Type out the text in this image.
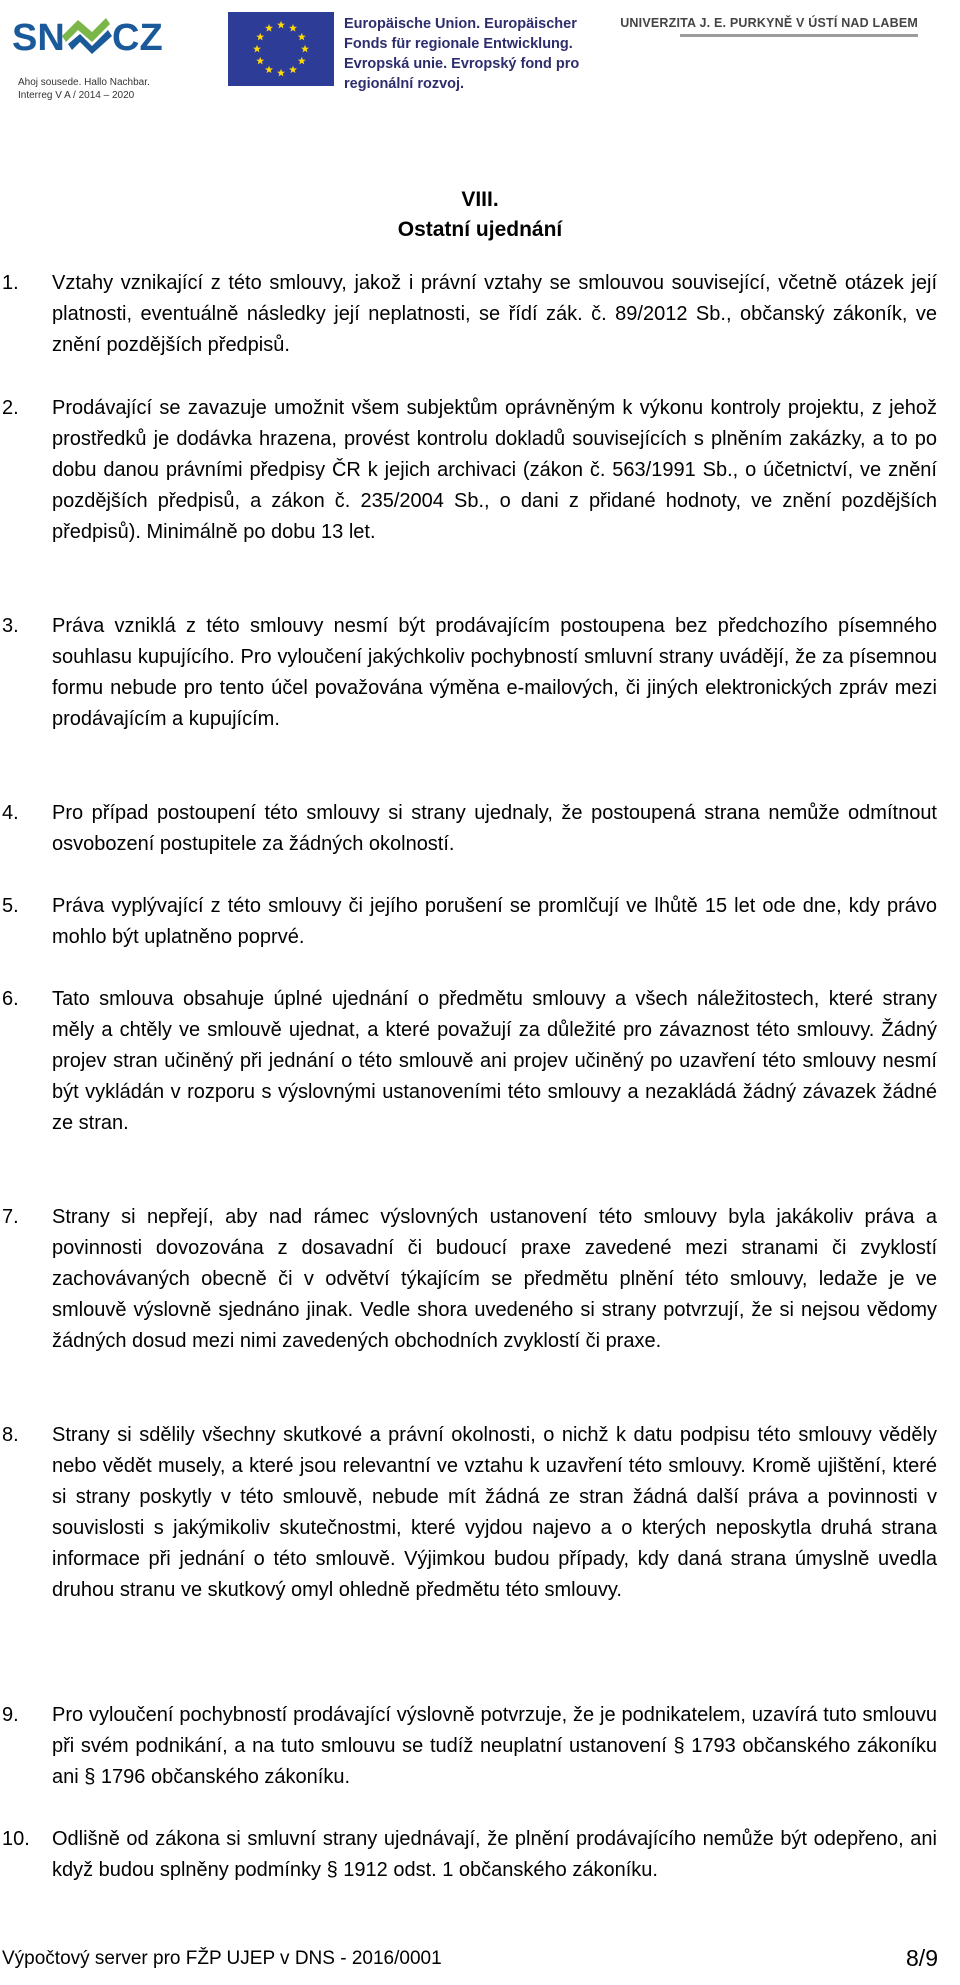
SN CZ
Ahoj sousede. Hallo Nachbar.
Interreg V A / 2014 – 2020
Europäische Union. Europäischer
Fonds für regionale Entwicklung.
Evropská unie. Evropský fond pro
regionální rozvoj.
UNIVERZITA J. E. PURKYNĚ V ÚSTÍ NAD LABEM
VIII.
Ostatní ujednání
1. Vztahy vznikající z této smlouvy, jakož i právní vztahy se smlouvou související, včetně otázek její platnosti, eventuálně následky její neplatnosti, se řídí zák. č. 89/2012 Sb., občanský zákoník, ve znění pozdějších předpisů.
2. Prodávající se zavazuje umožnit všem subjektům oprávněným k výkonu kontroly projektu, z jehož prostředků je dodávka hrazena, provést kontrolu dokladů souvisejících s plněním zakázky, a to po dobu danou právními předpisy ČR k jejich archivaci (zákon č. 563/1991 Sb., o účetnictví, ve znění pozdějších předpisů, a zákon č. 235/2004 Sb., o dani z přidané hodnoty, ve znění pozdějších předpisů). Minimálně po dobu 13 let.
3. Práva vzniklá z této smlouvy nesmí být prodávajícím postoupena bez předchozího písemného souhlasu kupujícího. Pro vyloučení jakýchkoliv pochybností smluvní strany uvádějí, že za písemnou formu nebude pro tento účel považována výměna e-mailových, či jiných elektronických zpráv mezi prodávajícím a kupujícím.
4. Pro případ postoupení této smlouvy si strany ujednaly, že postoupená strana nemůže odmítnout osvobození postupitele za žádných okolností.
5. Práva vyplývající z této smlouvy či jejího porušení se promlčují ve lhůtě 15 let ode dne, kdy právo mohlo být uplatněno poprvé.
6. Tato smlouva obsahuje úplné ujednání o předmětu smlouvy a všech náležitostech, které strany měly a chtěly ve smlouvě ujednat, a které považují za důležité pro závaznost této smlouvy. Žádný projev stran učiněný při jednání o této smlouvě ani projev učiněný po uzavření této smlouvy nesmí být vykládán v rozporu s výslovnými ustanoveními této smlouvy a nezakládá žádný závazek žádné ze stran.
7. Strany si nepřejí, aby nad rámec výslovných ustanovení této smlouvy byla jakákoliv práva a povinnosti dovozována z dosavadní či budoucí praxe zavedené mezi stranami či zvyklostí zachovávaných obecně či v odvětví týkajícím se předmětu plnění této smlouvy, ledaže je ve smlouvě výslovně sjednáno jinak. Vedle shora uvedeného si strany potvrzují, že si nejsou vědomy žádných dosud mezi nimi zavedených obchodních zvyklostí či praxe.
8. Strany si sdělily všechny skutkové a právní okolnosti, o nichž k datu podpisu této smlouvy věděly nebo vědět musely, a které jsou relevantní ve vztahu k uzavření této smlouvy. Kromě ujištění, které si strany poskytly v této smlouvě, nebude mít žádná ze stran žádná další práva a povinnosti v souvislosti s jakýmikoliv skutečnostmi, které vyjdou najevo a o kterých neposkytla druhá strana informace při jednání o této smlouvě. Výjimkou budou případy, kdy daná strana úmyslně uvedla druhou stranu ve skutkový omyl ohledně předmětu této smlouvy.
9. Pro vyloučení pochybností prodávající výslovně potvrzuje, že je podnikatelem, uzavírá tuto smlouvu při svém podnikání, a na tuto smlouvu se tudíž neuplatní ustanovení § 1793 občanského zákoníku ani § 1796 občanského zákoníku.
10. Odlišně od zákona si smluvní strany ujednávají, že plnění prodávajícího nemůže být odepřeno, ani když budou splněny podmínky § 1912 odst. 1 občanského zákoníku.
Výpočtový server pro FŽP UJEP v DNS - 2016/0001	8/9
